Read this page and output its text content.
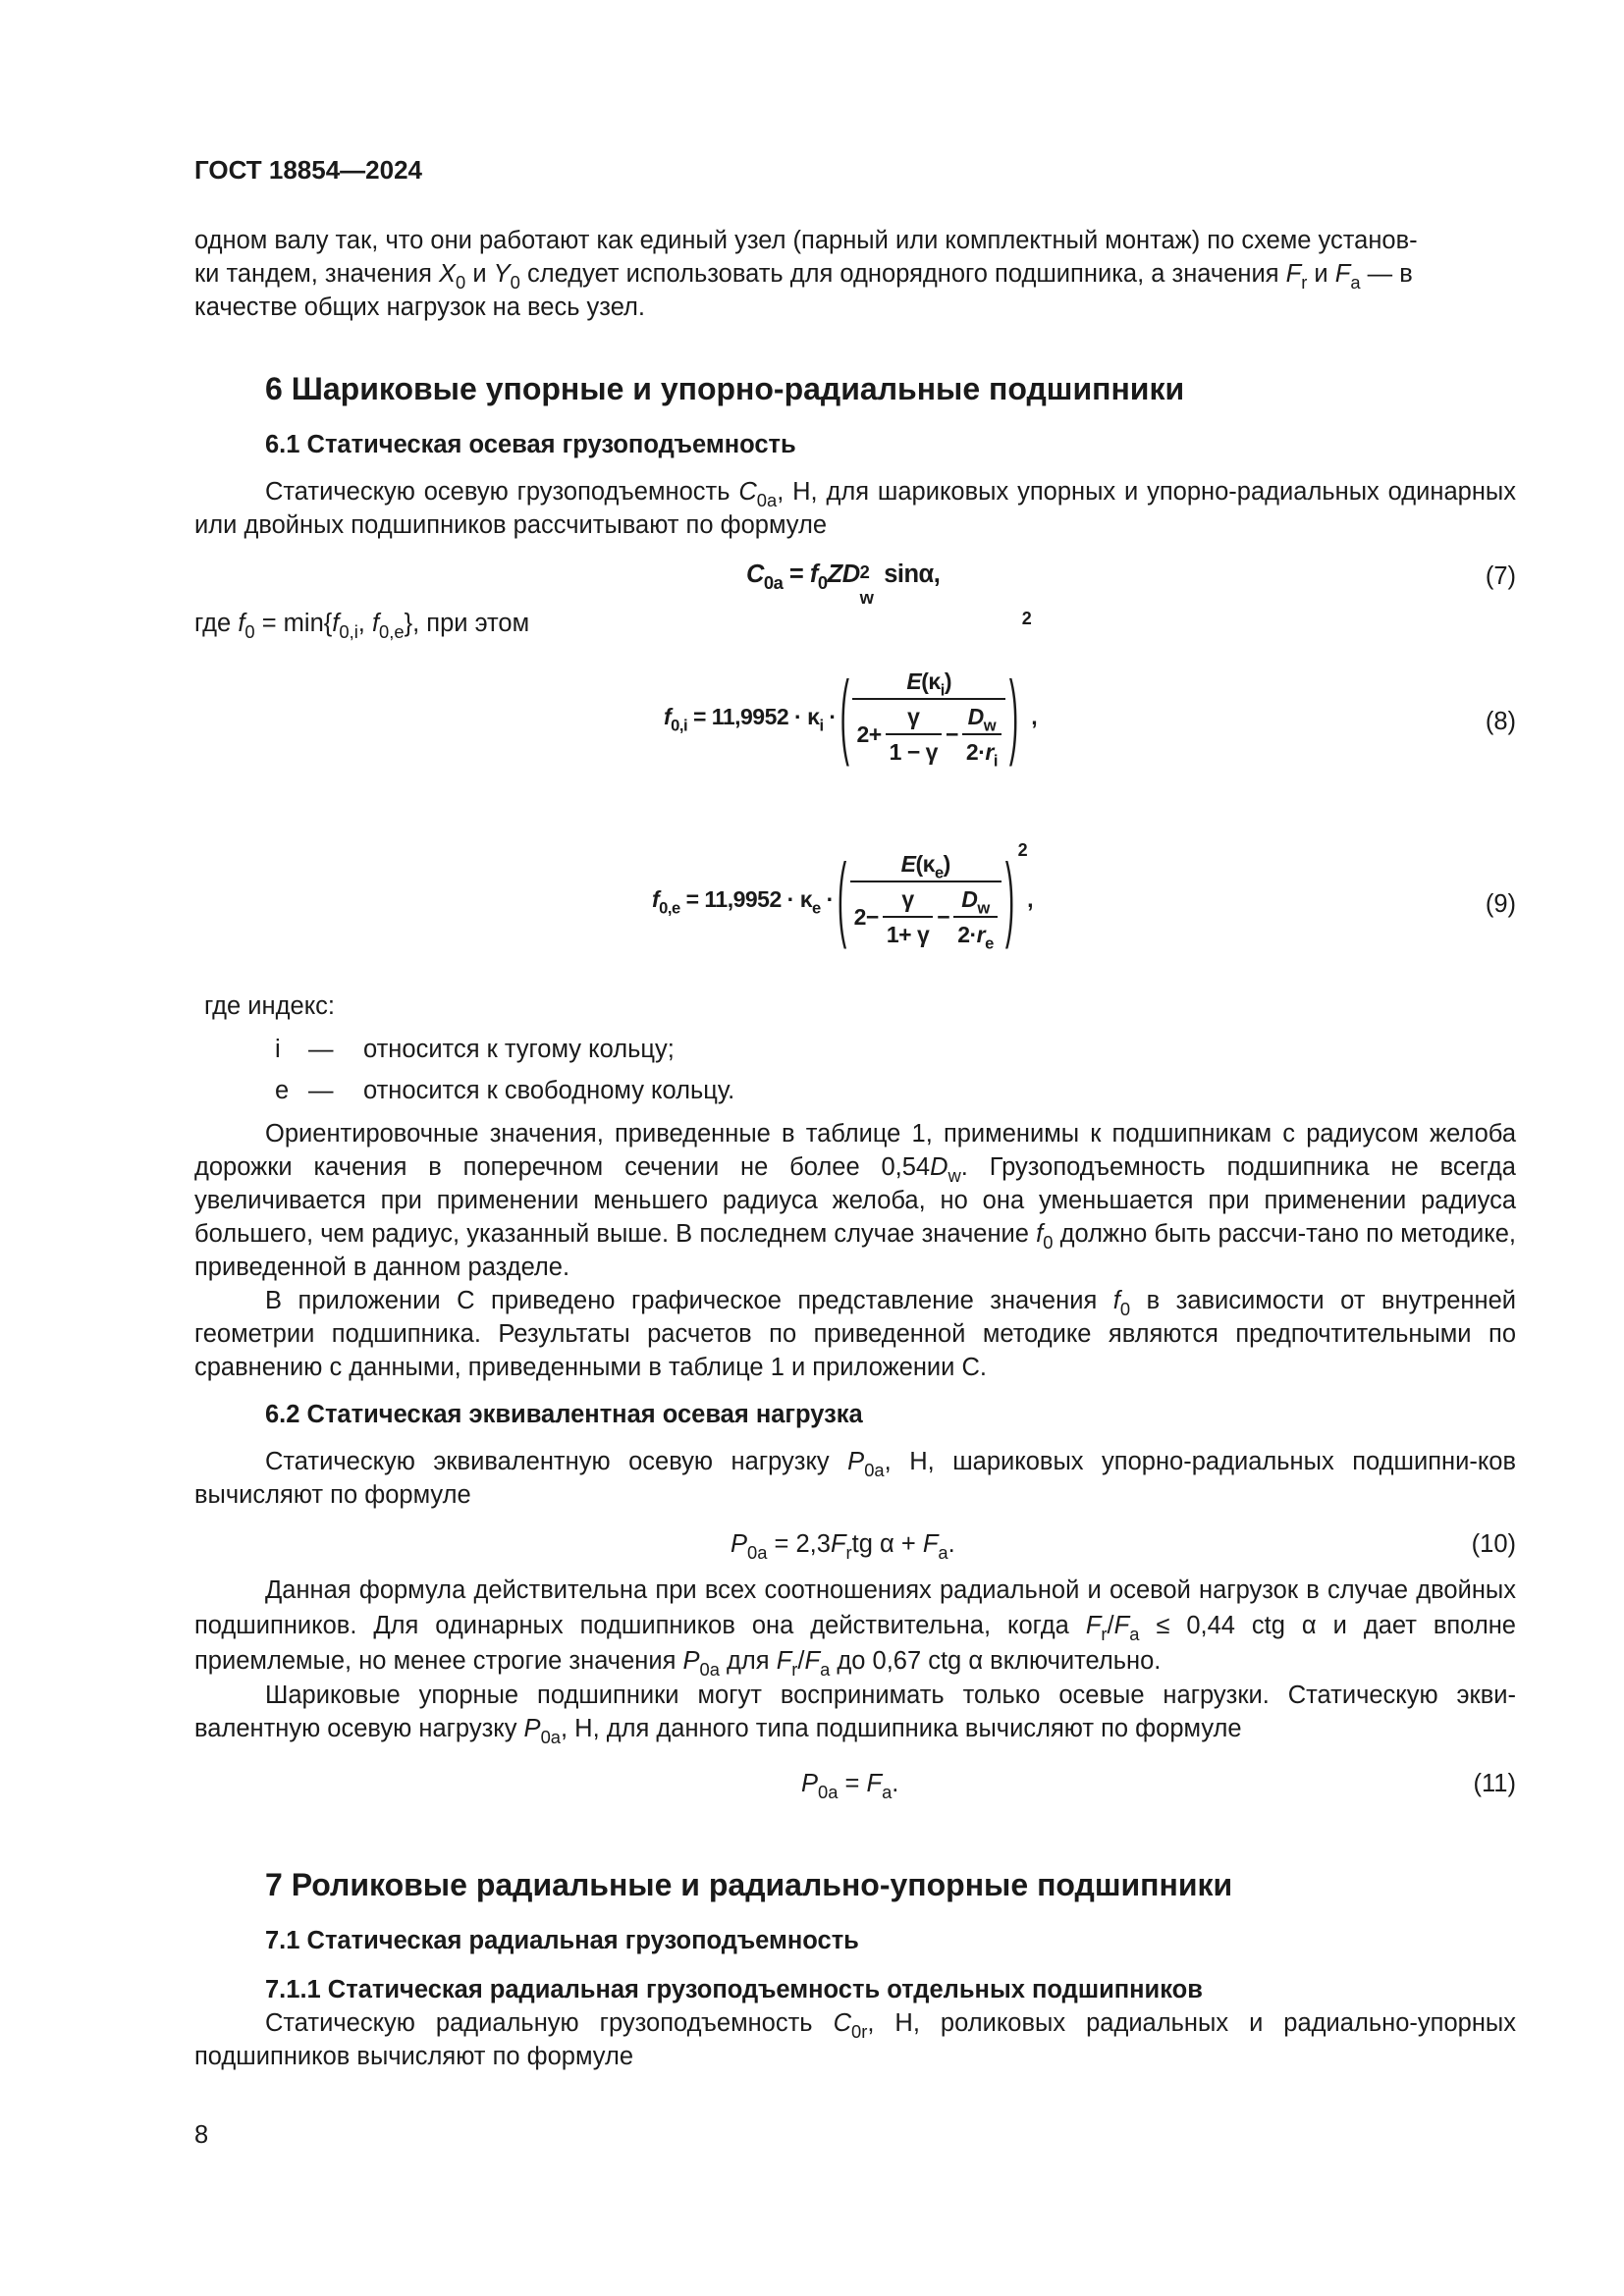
ГОСТ 18854—2024

одном валу так, что они работают как единый узел (парный или комплектный монтаж) по схеме установ-

ки тандем, значения $X_0$ и $Y_0$ следует использовать для однорядного подшипника, а значения $F_r$ и $F_a$ — в

качестве общих нагрузок на весь узел.

6 Шариковые упорные и упорно-радиальные подшипники
6.1 Статическая осевая грузоподъемность

Статическую осевую грузоподъемность $C_{0a}$, Н, для шариковых упорных и упорно-радиальных одинарных или двойных подшипников рассчитывают по формуле

$C_{0a} = f_0ZD$ 2
w
sinα,	(7)
где $f_0 = \min\{f_{0,i}$, $f_{0,e}$}, при этом
$f_{0,i} = 11,9952 \cdot \kappa_i$ · ( $\frac{E(\kappa_i)}{2+ \frac{\gamma}{1 - \gamma} - \frac{D_w}{2\cdot r_i}}$ )
$^2$
,	(8)
$f_{0,e} = 11,9952 \cdot \kappa_e$ · ( $\frac{E(\kappa_e)}{2- \frac{\gamma}{1+ \gamma} - \frac{D_w}{2\cdot r_e}} )^2$
,	(9)
где индекс:
i — относится к тугому кольцу;
e — относится к свободному кольцу.

Ориентировочные значения, приведенные в таблице 1, применимы к подшипникам с радиусом желоба дорожки качения в поперечном сечении не более $0,54D_w$. Грузоподъемность подшипника не всегда увеличивается при применении меньшего радиуса желоба, но она уменьшается при применении радиуса большего, чем радиус, указанный выше. В последнем случае значение $f_0$ должно быть рассчи-тано по методике, приведенной в данном разделе.

В приложении С приведено графическое представление значения $f_0$ в зависимости от внутренней геометрии подшипника. Результаты расчетов по приведенной методике являются предпочтительными по сравнению с данными, приведенными в таблице 1 и приложении С.

6.2 Статическая эквивалентная осевая нагрузка

Статическую эквивалентную осевую нагрузку $P_{0a}$, Н, шариковых упорно-радиальных подшипни-ков вычисляют по формуле

$P_{0a} = 2,3F_rtg$ $\alpha + F_a$.	(10)

Данная формула действительна при всех соотношениях радиальной и осевой нагрузок в случае двойных подшипников. Для одинарных подшипников она действительна, когда $F_r/F_a \le 0,44$ ctg α и дает вполне приемлемые, но менее строгие значения $P_{0a}$ для $F_r/F_a$ до 0,67 ctg α включительно.

Шариковые упорные подшипники могут воспринимать только осевые нагрузки. Статическую экви-валентную осевую нагрузку $P_{0a}$, Н, для данного типа подшипника вычисляют по формуле

$P_{0a} = F_a$.	(11)
7 Роликовые радиальные и радиально-упорные подшипники
7.1 Статическая радиальная грузоподъемность
7.1.1 Статическая радиальная грузоподъемность отдельных подшипников

Статическую радиальную грузоподъемность $C_{0r}$, Н, роликовых радиальных и радиально-упорных подшипников вычисляют по формуле

8
